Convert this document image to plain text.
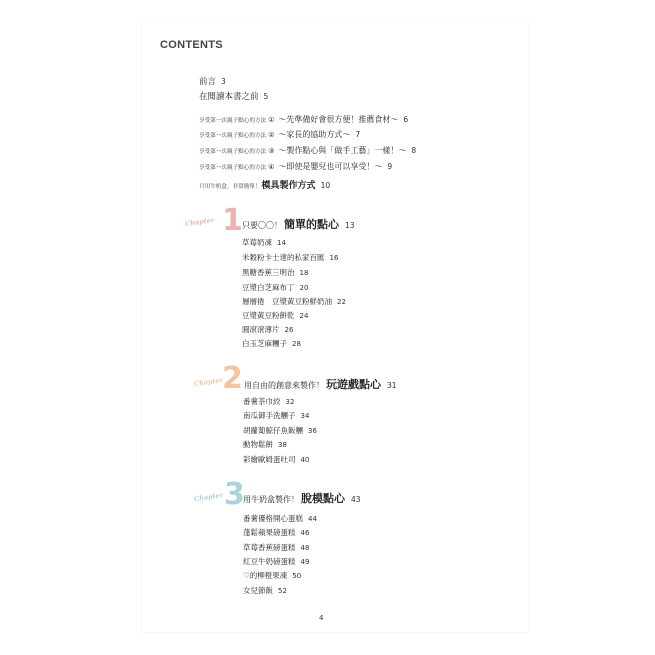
CONTENTS
前言 3
在閱讀本書之前 5
享受第一次親子點心的方法 ① ～先準備好會很方便！推薦食材～ 6
享受第一次親子點心的方法 ② ～家長的協助方式～ 7
享受第一次親子點心的方法 ③ ～製作點心與「做手工藝」一樣！～ 8
享受第一次親子點心的方法 ④ ～即使是嬰兒也可以享受！～ 9
只用牛奶盒，非常簡單！ 模具製作方式 10
Chapter 1 只要〇〇！ 簡單的點心 13
草莓奶凍 14
米穀粉卡士達的私家百匯 16
黑糖香蕉三明治 18
豆漿白芝麻布丁 20
層層捲　豆漿黃豆粉鮮奶油 22
豆漿黃豆粉餅乾 24
圓滾滾薄片 26
白玉芝麻糰子 28
Chapter
2 用自由的創意來製作！ 玩遊戲點心 31
番薯茶巾絞 32
南瓜御手洗糰子 34
胡蘿蔔鯨仔魚飯糰 36
動物鬆餅 38
彩繪歐姆蛋吐司 40
Chapter 3
用牛奶盒製作！ 脫模點心 43
番薯優格開心蛋糕 44
蓬鬆蘋果磅蛋糕 46
草莓香蕉磅蛋糕 48
紅豆牛奶磅蛋糕 49
♡的柳橙果凍 50
女兒節飯 52
4
